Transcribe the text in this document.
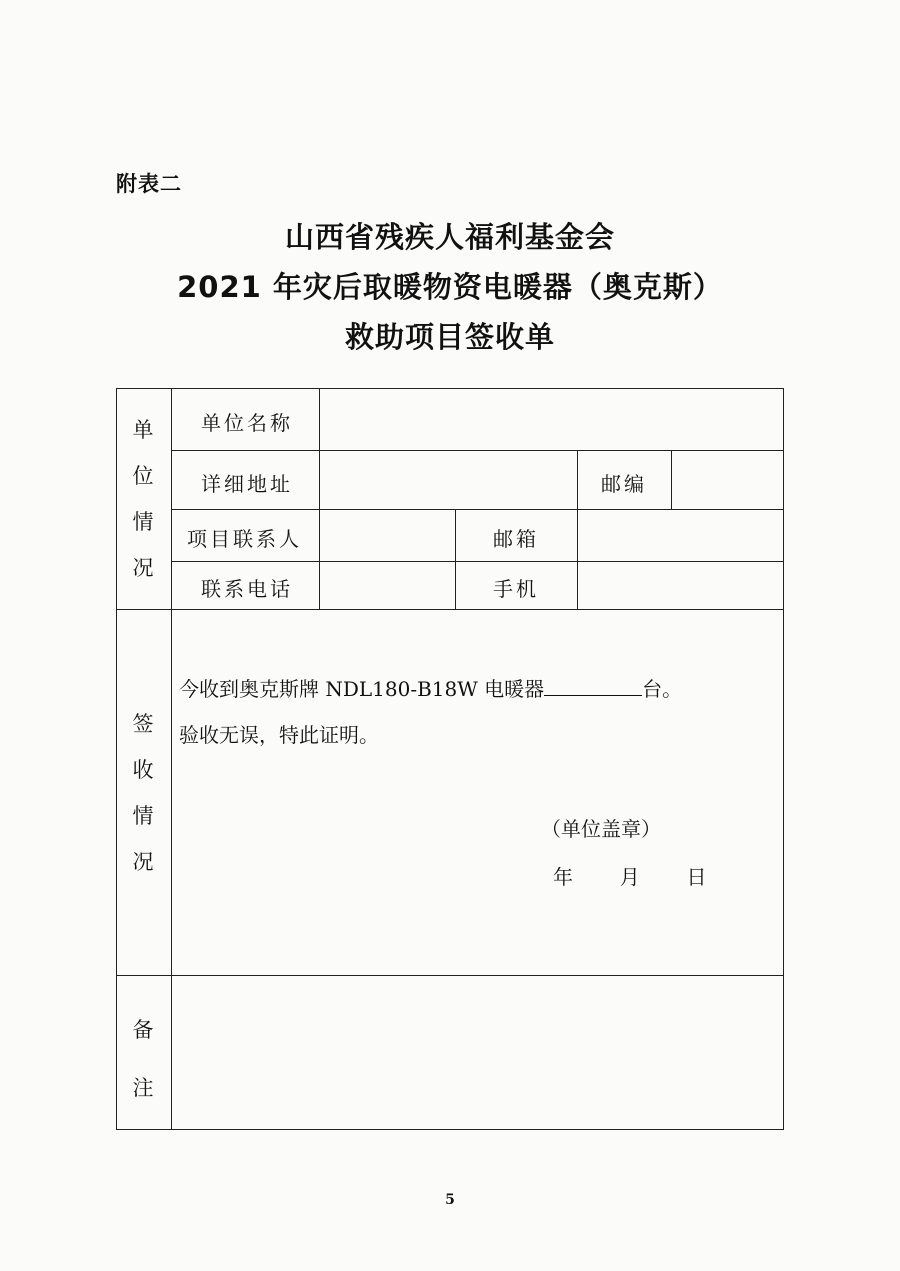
附表二
山西省残疾人福利基金会
2021 年灾后取暖物资电暖器（奥克斯）
救助项目签收单
单
位
情
况
单位名称
详细地址	邮编
项目联系人	邮箱
联系电话	手机
签
收
情
况
今收到奥克斯牌 NDL180-B18W 电暖器	台。
验收无误，特此证明。
（单位盖章）
年 月 日
备
注
5
